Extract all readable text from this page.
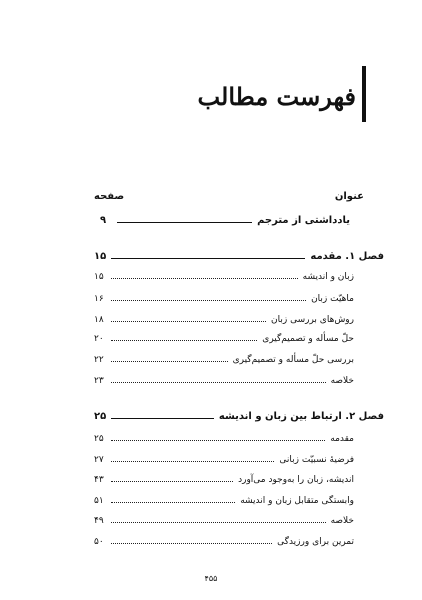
فهرست مطالب
عنوان
صفحه
یادداشتی از مترجم
۹
فصل ۱. مقدمه
۱۵
زبان و اندیشه
۱۵
ماهیّت زبان
۱۶
روش‌های بررسی زبان
۱۸
حلّ مسأله و تصمیم‌گیری
۲۰
بررسی حلّ مسأله و تصمیم‌گیری
۲۲
خلاصه
۲۳
فصل ۲. ارتباط بین زبان و اندیشه
۲۵
مقدمه
۲۵
فرضیهٔ نسبیّت زبانی
۲۷
اندیشه، زبان را به‌وجود می‌آورد
۴۳
وابستگی متقابل زبان و اندیشه
۵۱
خلاصه
۴۹
تمرین برای ورزیدگی
۵۰
۴۵۵
